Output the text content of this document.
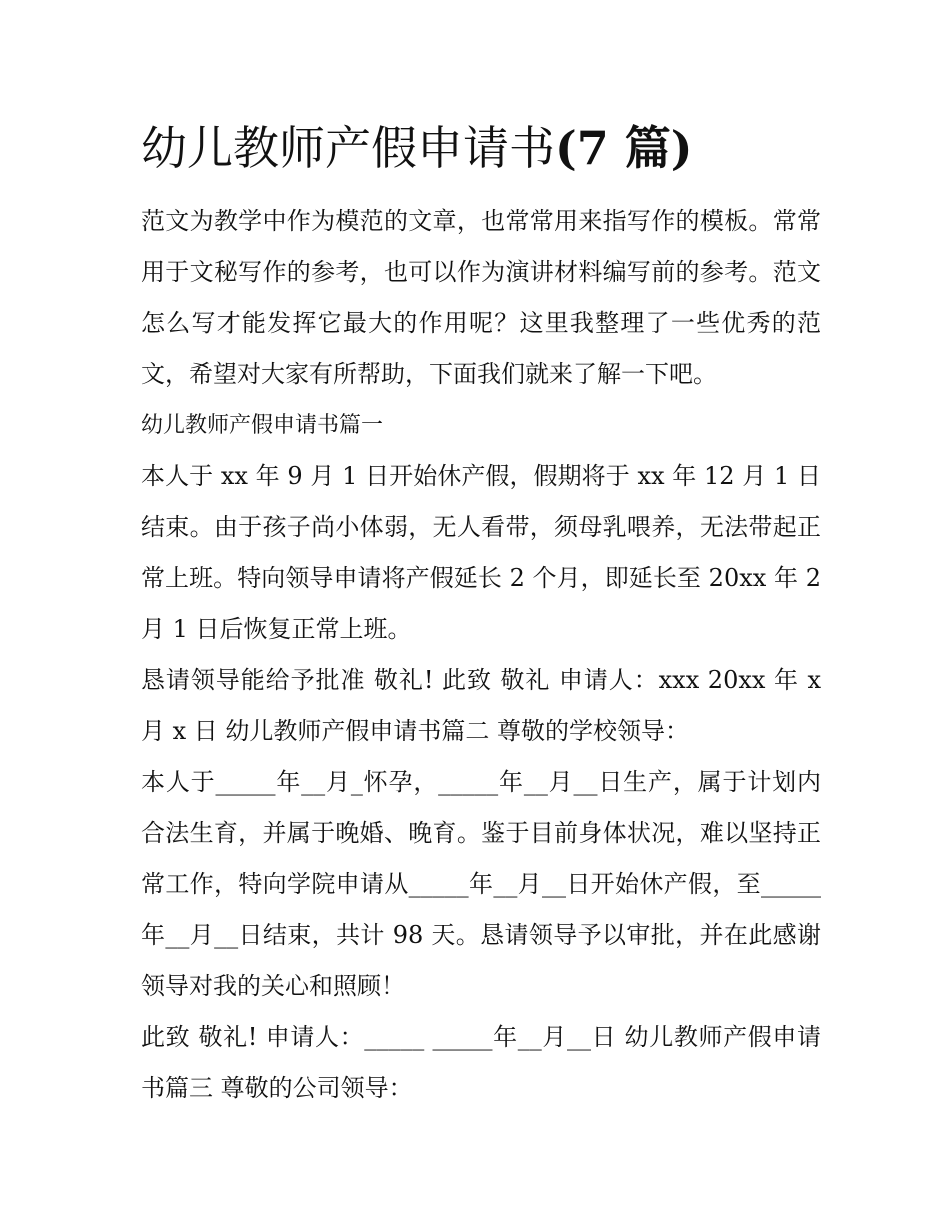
幼儿教师产假申请书(7 篇)

范文为教学中作为模范的文章，也常常用来指写作的模板。常常用于文秘写作的参考，也可以作为演讲材料编写前的参考。范文怎么写才能发挥它最大的作用呢？这里我整理了一些优秀的范文，希望对大家有所帮助，下面我们就来了解一下吧。

幼儿教师产假申请书篇一

本人于 xx 年 9 月 1 日开始休产假，假期将于 xx 年 12 月 1 日结束。由于孩子尚小体弱，无人看带，须母乳喂养，无法带起正常上班。特向领导申请将产假延长 2 个月，即延长至 20xx 年 2 月 1 日后恢复正常上班。

恳请领导能给予批准 敬礼! 此致 敬礼 申请人：xxx 20xx 年 x 月 x 日 幼儿教师产假申请书篇二 尊敬的学校领导：

本人于_____年__月_怀孕，_____年__月__日生产，属于计划内合法生育，并属于晚婚、晚育。鉴于目前身体状况，难以坚持正常工作，特向学院申请从_____年__月__日开始休产假，至_____年__月__日结束，共计 98 天。恳请领导予以审批，并在此感谢领导对我的关心和照顾！

此致 敬礼! 申请人：_____ _____年__月__日 幼儿教师产假申请书篇三 尊敬的公司领导：
